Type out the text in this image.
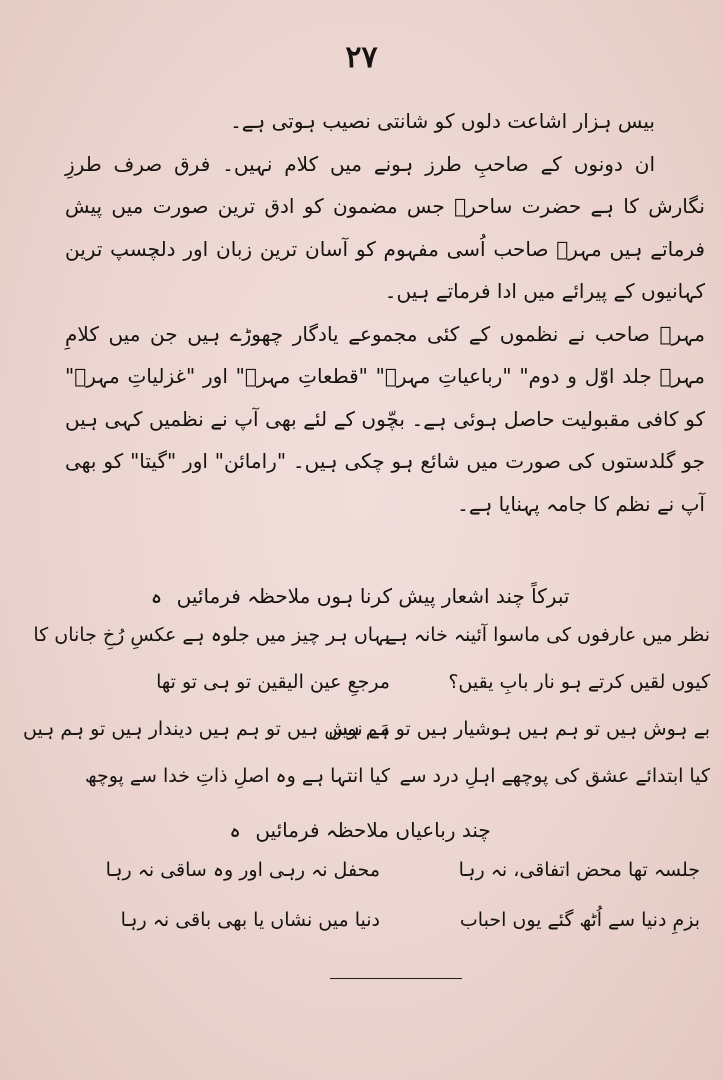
۲۷

بیس ہزار اشاعت دلوں کو شانتی نصیب ہوتی ہے۔

ان دونوں کے صاحبِ طرز ہونے میں کلام نہیں۔ فرق صرف طرزِ نگارش کا ہے حضرت ساحرؔ جس مضمون کو ادق ترین صورت میں پیش فرماتے ہیں مہرؔ صاحب اُسی مفہوم کو آسان ترین زبان اور دلچسپ ترین کہانیوں کے پیرائے میں ادا فرماتے ہیں۔

مہرؔ صاحب نے نظموں کے کئی مجموعے یادگار چھوڑے ہیں جن میں کلامِ مہرؔ جلد اوّل و دوم" "رباعیاتِ مہرؔ" "قطعاتِ مہرؔ" اور "غزلیاتِ مہرؔ" کو کافی مقبولیت حاصل ہوئی ہے۔ بچّوں کے لئے بھی آپ نے نظمیں کہی ہیں جو گلدستوں کی صورت میں شائع ہو چکی ہیں۔ "رامائن" اور "گیتا" کو بھی آپ نے نظم کا جامہ پہنایا ہے۔

تبرکاً چند اشعار پیش کرنا ہوں ملاحظہ فرمائیں ہ
نظر میں عارفوں کی ماسوا آئینہ خانہ ہے
یہاں ہر چیز میں جلوہ ہے عکسِ رُخِ جاناں کا
کیوں لقیں کرتے ہو نار بابِ یقیں؟
مرجعِ عین الیقین تو ہی تو تھا
بے ہوش ہیں تو ہم ہیں ہوشیار ہیں تو ہم ہیں
مَے نوش ہیں تو ہم ہیں دیندار ہیں تو ہم ہیں
کیا ابتدائے عشق کی پوچھے اہلِ درد سے
کیا انتہا ہے وہ اصلِ ذاتِ خدا سے پوچھ
چند رباعیاں ملاحظہ فرمائیں ہ
جلسہ تھا محض اتفاقی، نہ رہا
محفل نہ رہی اور وہ ساقی نہ رہا
بزمِ دنیا سے اُٹھ گئے یوں احباب
دنیا میں نشاں یا بھی باقی نہ رہا
